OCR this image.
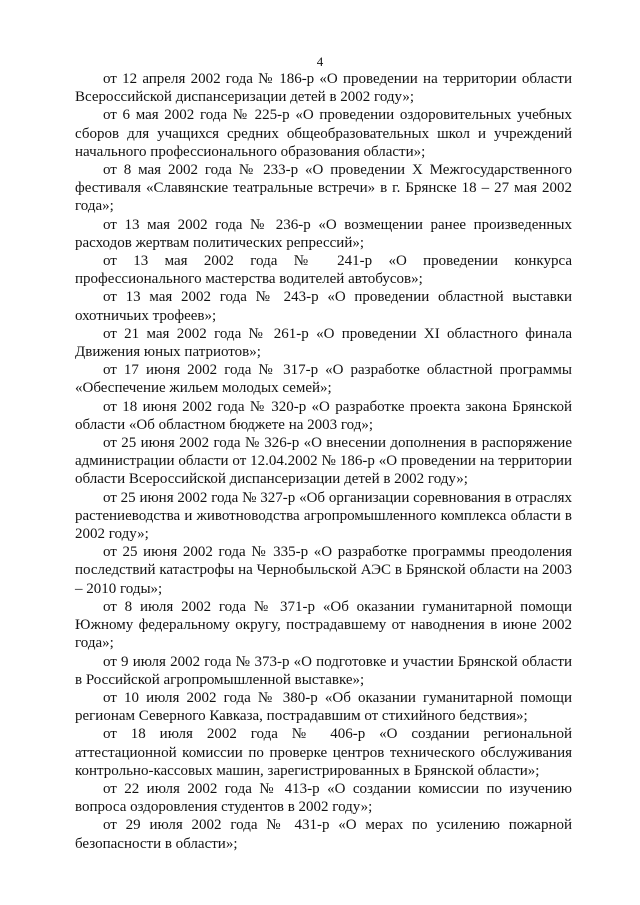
4

от 12 апреля 2002 года № 186-р «О проведении на территории области Всероссийской диспансеризации детей в 2002 году»;

от 6 мая 2002 года № 225-р «О проведении оздоровительных учебных сборов для учащихся средних общеобразовательных школ и учреждений начального профессионального образования области»;

от 8 мая 2002 года № 233-р «О проведении X Межгосударственного фестиваля «Славянские театральные встречи» в г. Брянске 18 – 27 мая 2002 года»;

от 13 мая 2002 года № 236-р «О возмещении ранее произведенных расходов жертвам политических репрессий»;

от 13 мая 2002 года № 241-р «О проведении конкурса профессионального мастерства водителей автобусов»;

от 13 мая 2002 года № 243-р «О проведении областной выставки охотничьих трофеев»;

от 21 мая 2002 года № 261-р «О проведении XI областного финала Движения юных патриотов»;

от 17 июня 2002 года № 317-р «О разработке областной программы «Обеспечение жильем молодых семей»;

от 18 июня 2002 года № 320-р «О разработке проекта закона Брянской области «Об областном бюджете на 2003 год»;

от 25 июня 2002 года № 326-р «О внесении дополнения в распоряжение администрации области от 12.04.2002 № 186-р «О проведении на территории области Всероссийской диспансеризации детей в 2002 году»;

от 25 июня 2002 года № 327-р «Об организации соревнования в отраслях растениеводства и животноводства агропромышленного комплекса области в 2002 году»;

от 25 июня 2002 года № 335-р «О разработке программы преодоления последствий катастрофы на Чернобыльской АЭС в Брянской области на 2003 – 2010 годы»;

от 8 июля 2002 года № 371-р «Об оказании гуманитарной помощи Южному федеральному округу, пострадавшему от наводнения в июне 2002 года»;

от 9 июля 2002 года № 373-р «О подготовке и участии Брянской области в Российской агропромышленной выставке»;

от 10 июля 2002 года № 380-р «Об оказании гуманитарной помощи регионам Северного Кавказа, пострадавшим от стихийного бедствия»;

от 18 июля 2002 года № 406-р «О создании региональной аттестационной комиссии по проверке центров технического обслуживания контрольно-кассовых машин, зарегистрированных в Брянской области»;

от 22 июля 2002 года № 413-р «О создании комиссии по изучению вопроса оздоровления студентов в 2002 году»;

от 29 июля 2002 года № 431-р «О мерах по усилению пожарной безопасности в области»;
